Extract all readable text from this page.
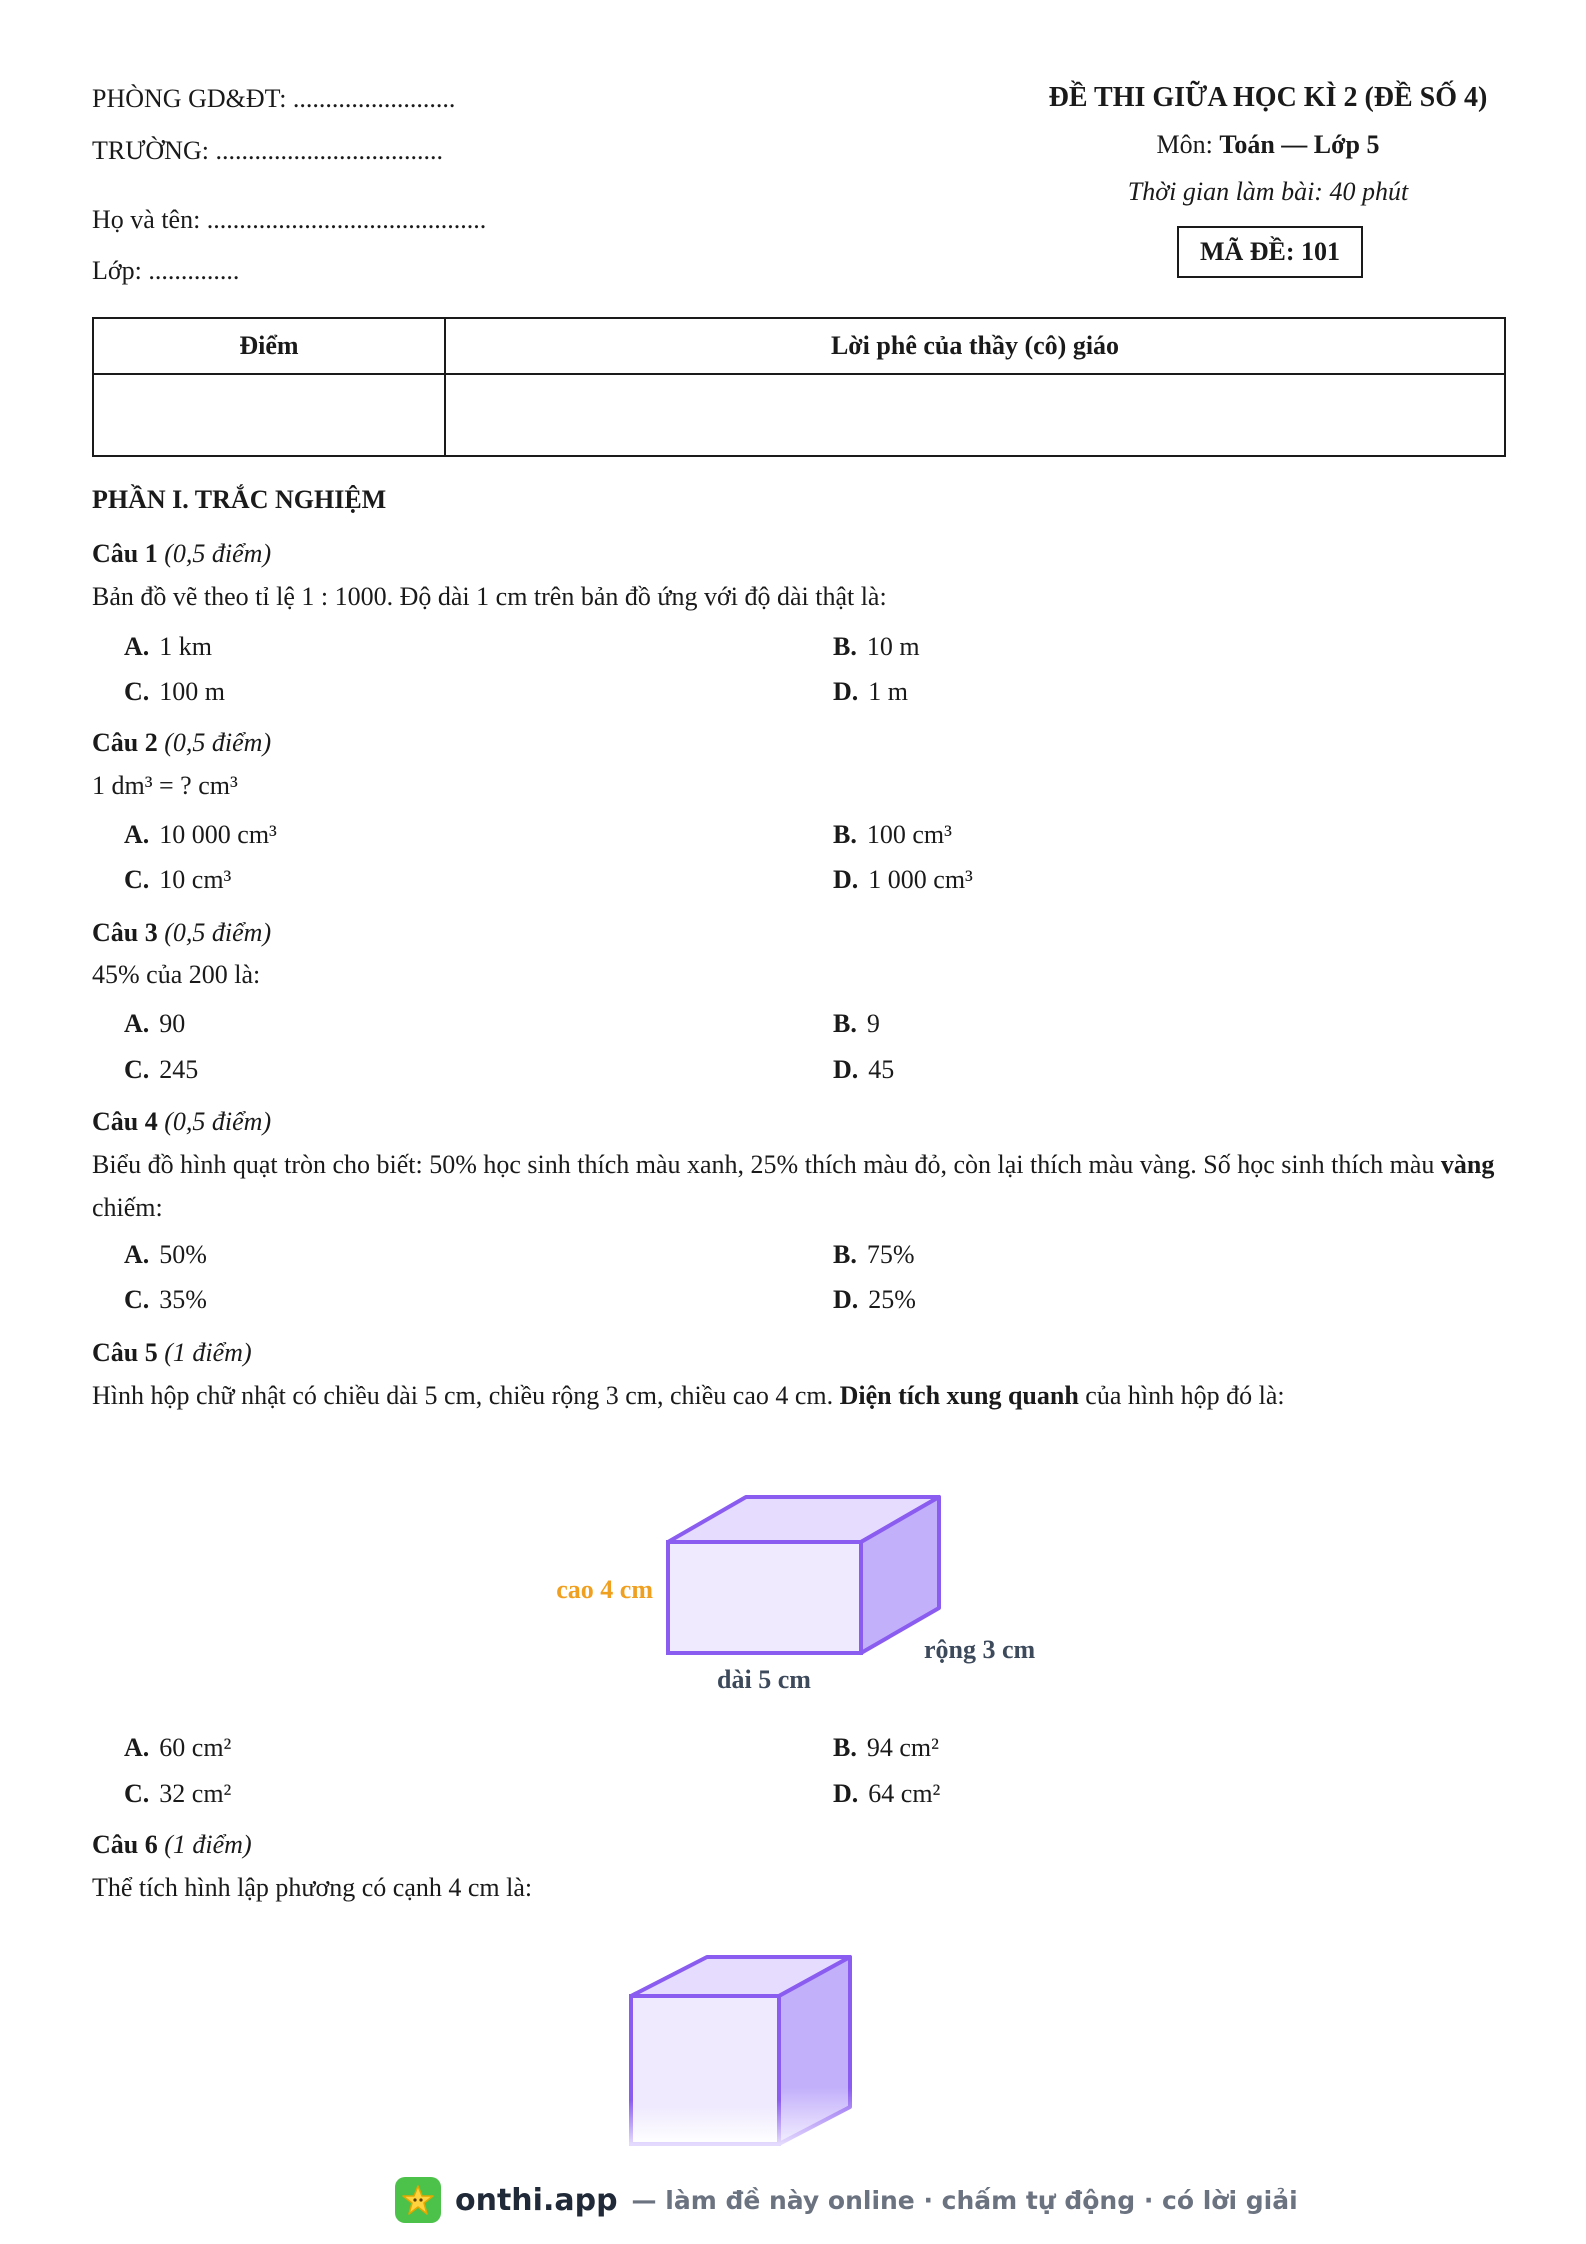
PHÒNG GD&ĐT: .........................
TRƯỜNG: ...................................
Họ và tên: ...........................................
Lớp: ..............
ĐỀ THI GIỮA HỌC KÌ 2 (ĐỀ SỐ 4)
Môn: Toán — Lớp 5
Thời gian làm bài: 40 phút
MÃ ĐỀ: 101
Điểm	Lời phê của thầy (cô) giáo

PHẦN I. TRẮC NGHIỆM
Câu 1 (0,5 điểm)
Bản đồ vẽ theo tỉ lệ 1 : 1000. Độ dài 1 cm trên bản đồ ứng với độ dài thật là:
A. 1 km	B. 10 m
C. 100 m	D. 1 m
Câu 2 (0,5 điểm)
1 dm³ = ? cm³
A. 10 000 cm³	B. 100 cm³
C. 10 cm³	D. 1 000 cm³
Câu 3 (0,5 điểm)
45% của 200 là:
A. 90	B. 9
C. 245	D. 45
Câu 4 (0,5 điểm)
Biểu đồ hình quạt tròn cho biết: 50% học sinh thích màu xanh, 25% thích màu đỏ, còn lại thích màu vàng. Số học sinh thích màu vàng chiếm:
A. 50%	B. 75%
C. 35%	D. 25%
Câu 5 (1 điểm)
Hình hộp chữ nhật có chiều dài 5 cm, chiều rộng 3 cm, chiều cao 4 cm. Diện tích xung quanh của hình hộp đó là:
cao 4 cm
dài 5 cm
rộng 3 cm
A. 60 cm²	B. 94 cm²
C. 32 cm²	D. 64 cm²
Câu 6 (1 điểm)
Thể tích hình lập phương có cạnh 4 cm là:
onthi.app — làm đề này online · chấm tự động · có lời giải
